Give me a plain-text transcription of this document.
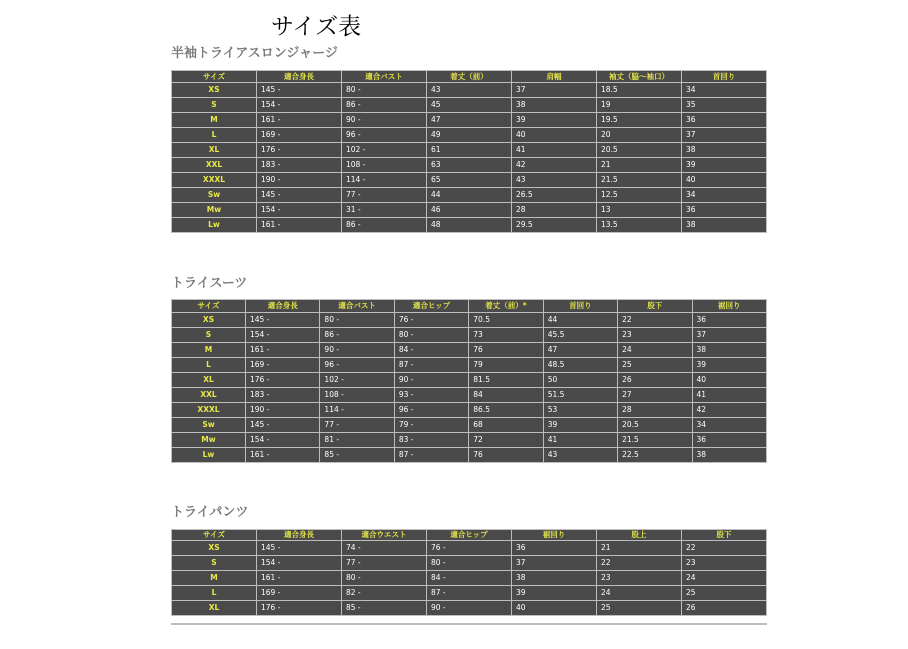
サイズ表
半袖トライアスロンジャージ
サイズ	適合身長	適合バスト	着丈（前）	肩幅	袖丈（脇〜袖口）	首回り
XS	145 -	80 -	43	37	18.5	34
S	154 -	86 -	45	38	19	35
M	161 -	90 -	47	39	19.5	36
L	169 -	96 -	49	40	20	37
XL	176 -	102 -	61	41	20.5	38
XXL	183 -	108 -	63	42	21	39
XXXL	190 -	114 -	65	43	21.5	40
Sw	145 -	77 -	44	26.5	12.5	34
Mw	154 -	31 -	46	28	13	36
Lw	161 -	86 -	48	29.5	13.5	38
トライスーツ
サイズ	適合身長	適合バスト	適合ヒップ	着丈（前）*	首回り	股下	裾回り
XS	145 -	80 -	76 -	70.5	44	22	36
S	154 -	86 -	80 -	73	45.5	23	37
M	161 -	90 -	84 -	76	47	24	38
L	169 -	96 -	87 -	79	48.5	25	39
XL	176 -	102 -	90 -	81.5	50	26	40
XXL	183 -	108 -	93 -	84	51.5	27	41
XXXL	190 -	114 -	96 -	86.5	53	28	42
Sw	145 -	77 -	79 -	68	39	20.5	34
Mw	154 -	81 -	83 -	72	41	21.5	36
Lw	161 -	85 -	87 -	76	43	22.5	38
トライパンツ
サイズ	適合身長	適合ウエスト	適合ヒップ	裾回り	股上	股下
XS	145 -	74 -	76 -	36	21	22
S	154 -	77 -	80 -	37	22	23
M	161 -	80 -	84 -	38	23	24
L	169 -	82 -	87 -	39	24	25
XL	176 -	85 -	90 -	40	25	26
